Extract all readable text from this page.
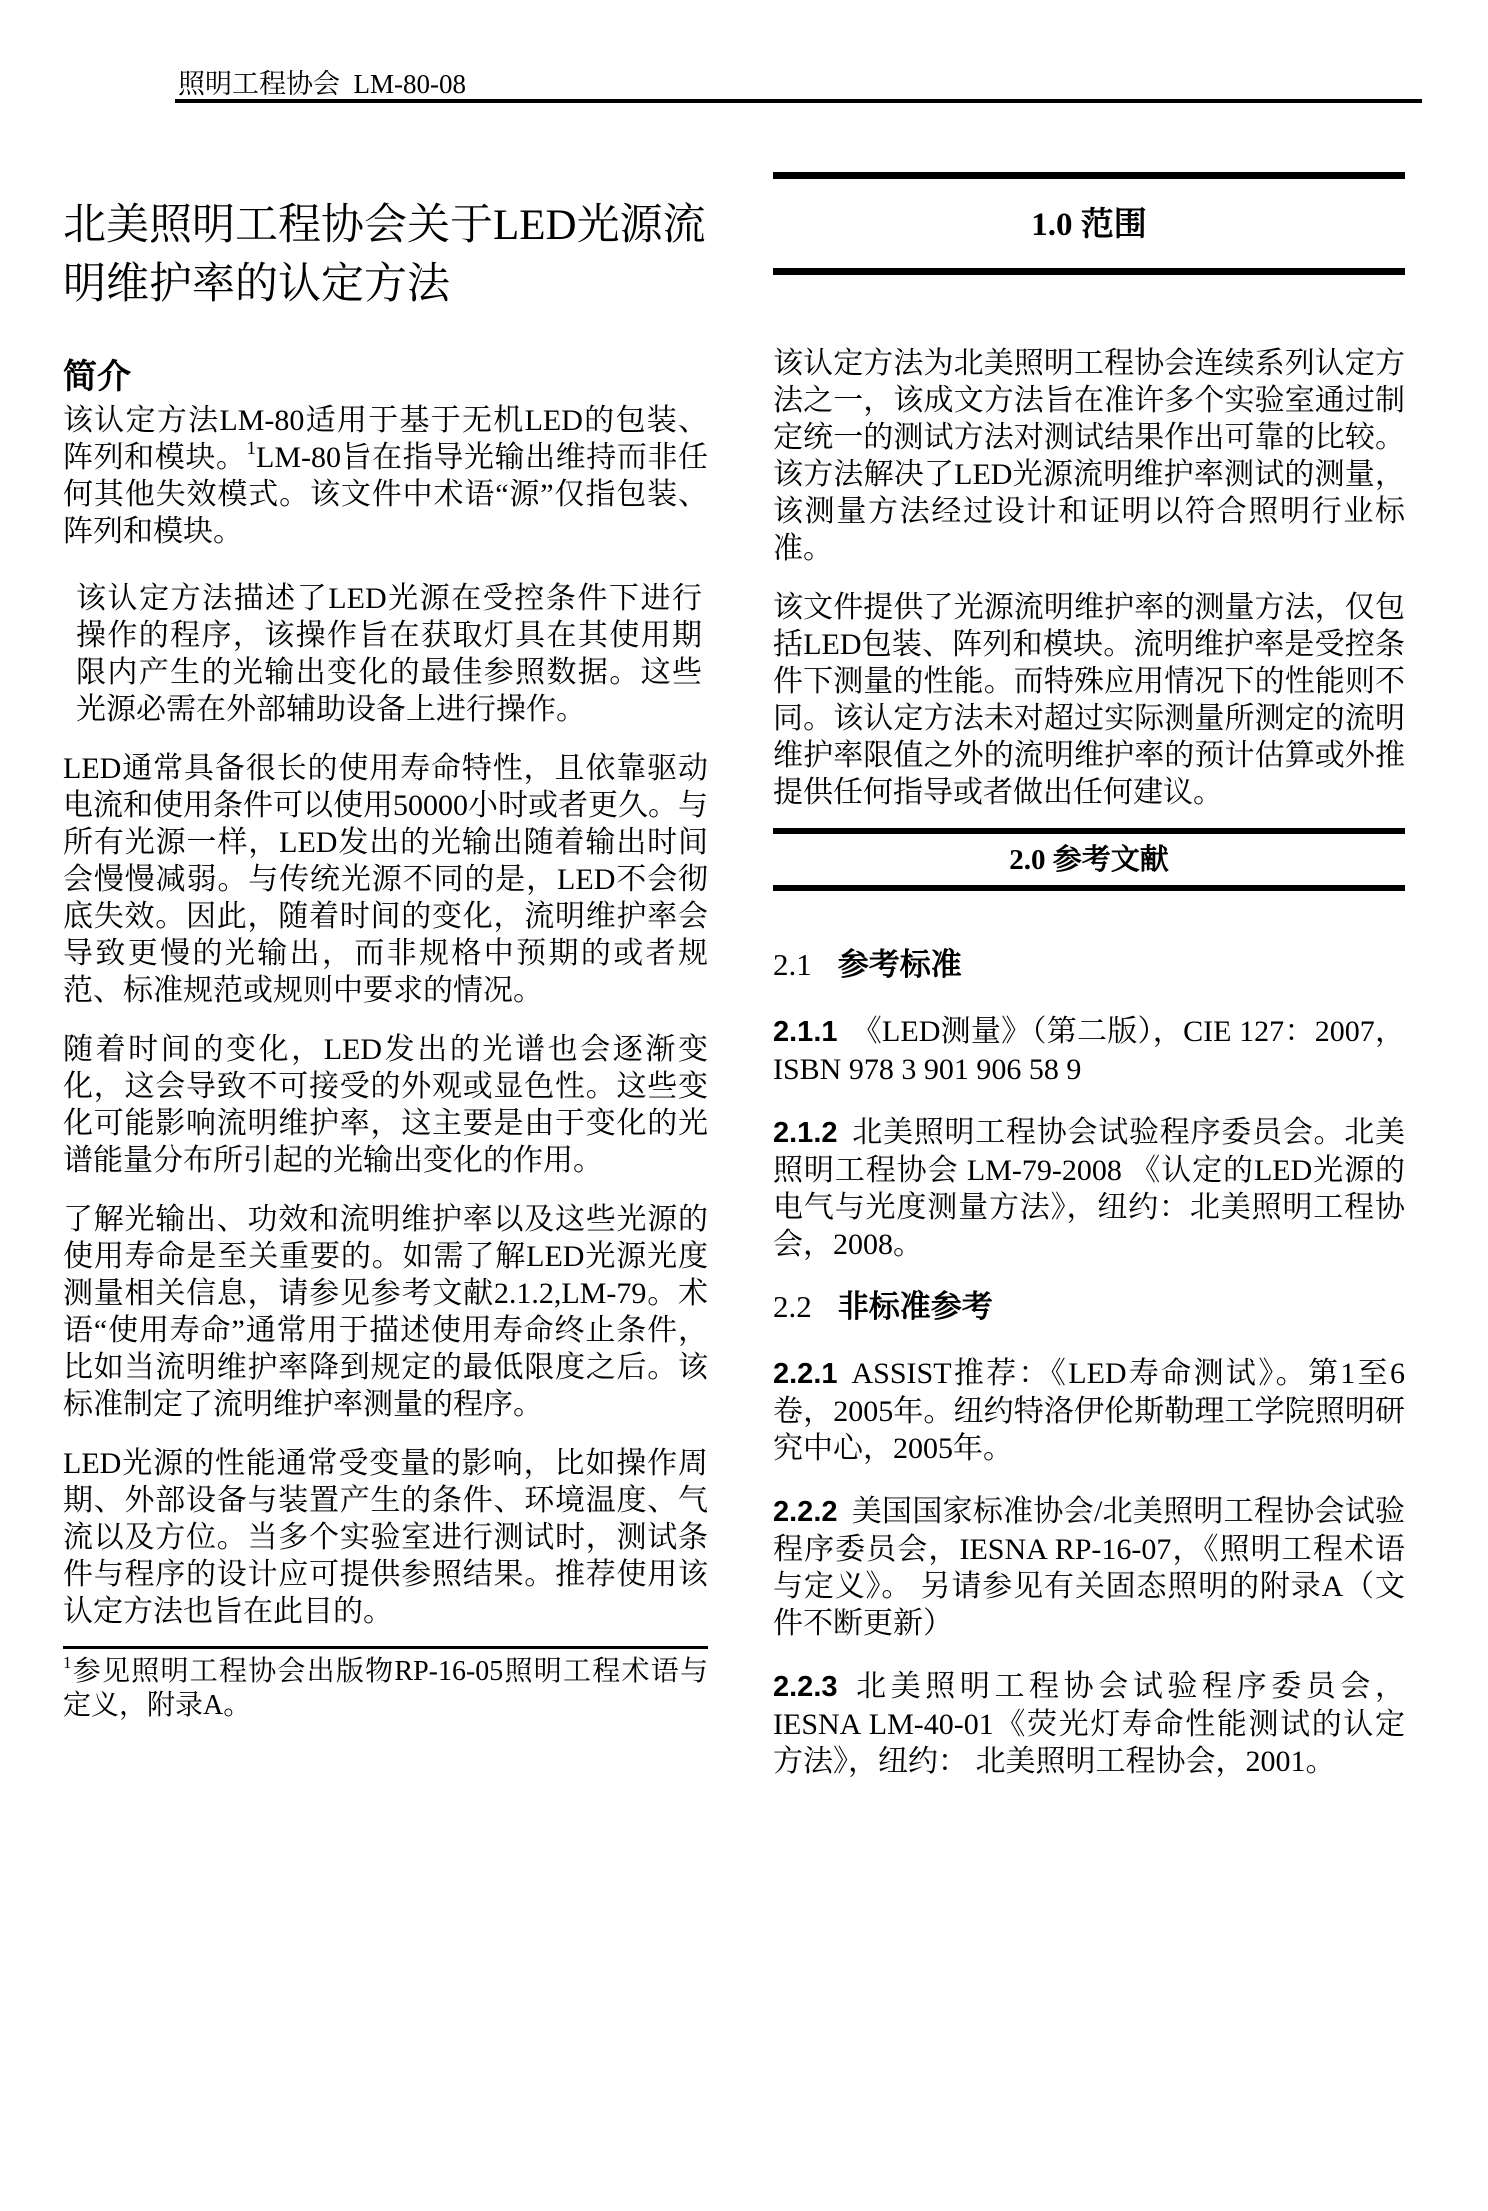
照明工程协会  LM-80-08
北美照明工程协会关于LED光源流明维护率的认定方法
简介

该认定方法LM-80适用于基于无机LED的包装、阵列和模块。$^1$LM-80旨在指导光输出维持而非任何其他失效模式。该文件中术语“源”仅指包装、阵列和模块。

该认定方法描述了LED光源在受控条件下进行操作的程序，该操作旨在获取灯具在其使用期限内产生的光输出变化的最佳参照数据。这些光源必需在外部辅助设备上进行操作。

LED通常具备很长的使用寿命特性，且依靠驱动电流和使用条件可以使用50000小时或者更久。与所有光源一样，LED发出的光输出随着输出时间会慢慢减弱。与传统光源不同的是，LED不会彻底失效。因此，随着时间的变化，流明维护率会导致更慢的光输出，而非规格中预期的或者规范、标准规范或规则中要求的情况。

随着时间的变化，LED发出的光谱也会逐渐变化，这会导致不可接受的外观或显色性。这些变化可能影响流明维护率，这主要是由于变化的光谱能量分布所引起的光输出变化的作用。

了解光输出、功效和流明维护率以及这些光源的使用寿命是至关重要的。如需了解LED光源光度测量相关信息，请参见参考文献2.1.2,LM-79。术语“使用寿命”通常用于描述使用寿命终止条件，比如当流明维护率降到规定的最低限度之后。该标准制定了流明维护率测量的程序。

LED光源的性能通常受变量的影响，比如操作周期、外部设备与装置产生的条件、环境温度、气流以及方位。当多个实验室进行测试时，测试条件与程序的设计应可提供参照结果。推荐使用该认定方法也旨在此目的。

$^1$参见照明工程协会出版物RP-16-05照明工程术语与定义，附录A。

1.0 范围

该认定方法为北美照明工程协会连续系列认定方法之一，该成文方法旨在准许多个实验室通过制定统一的测试方法对测试结果作出可靠的比较。该方法解决了LED光源流明维护率测试的测量，该测量方法经过设计和证明以符合照明行业标准。

该文件提供了光源流明维护率的测量方法，仅包括LED包装、阵列和模块。流明维护率是受控条件下测量的性能。而特殊应用情况下的性能则不同。该认定方法未对超过实际测量所测定的流明维护率限值之外的流明维护率的预计估算或外推提供任何指导或者做出任何建议。

2.0 参考文献
2.1 参考标准

2.1.1 《LED测量》（第二版），CIE 127：2007，ISBN 978 3 901 906 58 9

2.1.2 北美照明工程协会试验程序委员会。北美照明工程协会 LM-79-2008 《认定的LED光源的电气与光度测量方法》，纽约：北美照明工程协会，2008。

2.2 非标准参考

2.2.1 ASSIST推荐：《LED寿命测试》。第1至6卷，2005年。纽约特洛伊伦斯勒理工学院照明研究中心，2005年。

2.2.2 美国国家标准协会/北美照明工程协会试验程序委员会，IESNA RP-16-07，《照明工程术语与定义》。 另请参见有关固态照明的附录A（文件不断更新）

2.2.3 北美照明工程协会试验程序委员会，IESNA LM-40-01《荧光灯寿命性能测试的认定方法》，纽约： 北美照明工程协会，2001。
